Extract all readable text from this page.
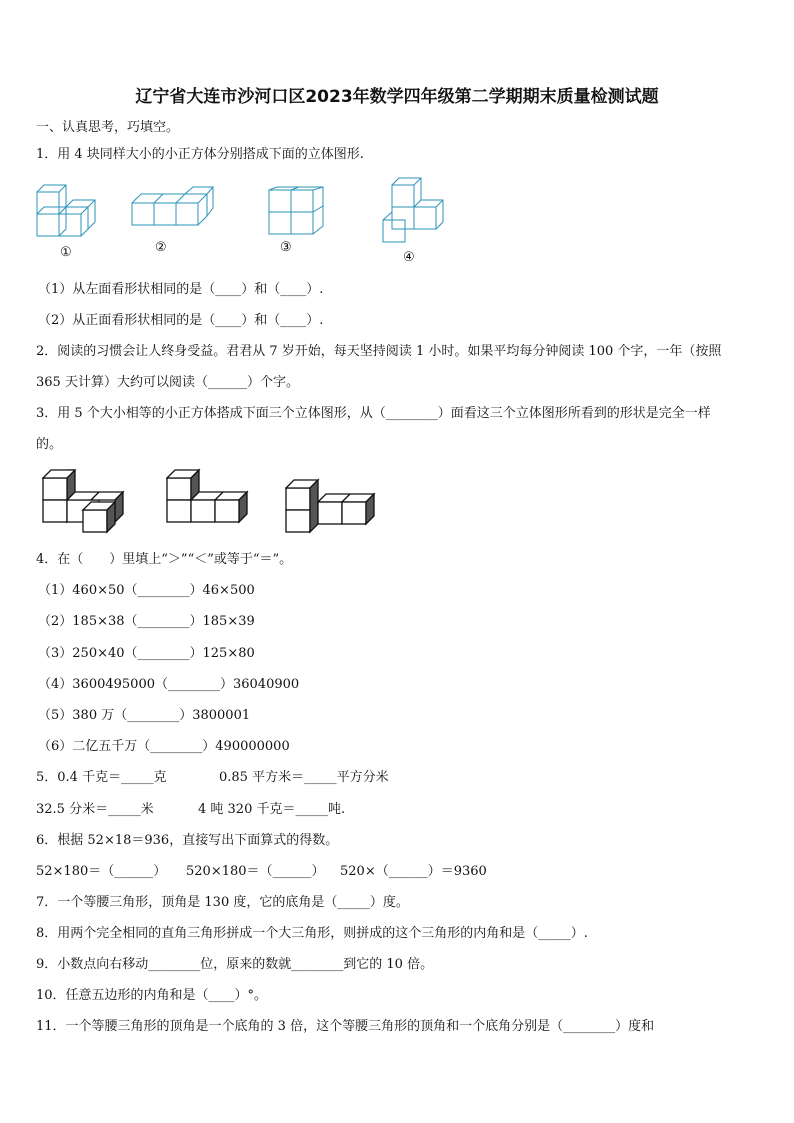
辽宁省大连市沙河口区2023年数学四年级第二学期期末质量检测试题
一、认真思考，巧填空。
1．用 4 块同样大小的小正方体分别搭成下面的立体图形.
①	②	③
④
（1）从左面看形状相同的是（____）和（____）.
（2）从正面看形状相同的是（____）和（____）.
2．阅读的习惯会让人终身受益。君君从 7 岁开始，每天坚持阅读 1 小时。如果平均每分钟阅读 100 个字，一年（按照
365 天计算）大约可以阅读（______）个字。
3．用 5 个大小相等的小正方体搭成下面三个立体图形，从（________）面看这三个立体图形所看到的形状是完全一样
的。
4．在（　　）里填上“＞”“＜”或等于“＝”。
（1）460×50（________）46×500
（2）185×38（________）185×39
（3）250×40（________）125×80
（4）3600495000（________）36040900
（5）380 万（________）3800001
（6）二亿五千万（________）490000000
5．0.4 千克＝_____克	0.85 平方米＝_____平方分米
32.5 分米＝_____米	4 吨 320 千克＝_____吨.
6．根据 52×18＝936，直接写出下面算式的得数。
52×180＝（______） 520×180＝（______） 520×（______）＝9360
7．一个等腰三角形，顶角是 130 度，它的底角是（_____）度。
8．用两个完全相同的直角三角形拼成一个大三角形，则拼成的这个三角形的内角和是（_____）.
9．小数点向右移动________位，原来的数就________到它的 10 倍。
10．任意五边形的内角和是（____）°。
11．一个等腰三角形的顶角是一个底角的 3 倍，这个等腰三角形的顶角和一个底角分别是（________）度和
